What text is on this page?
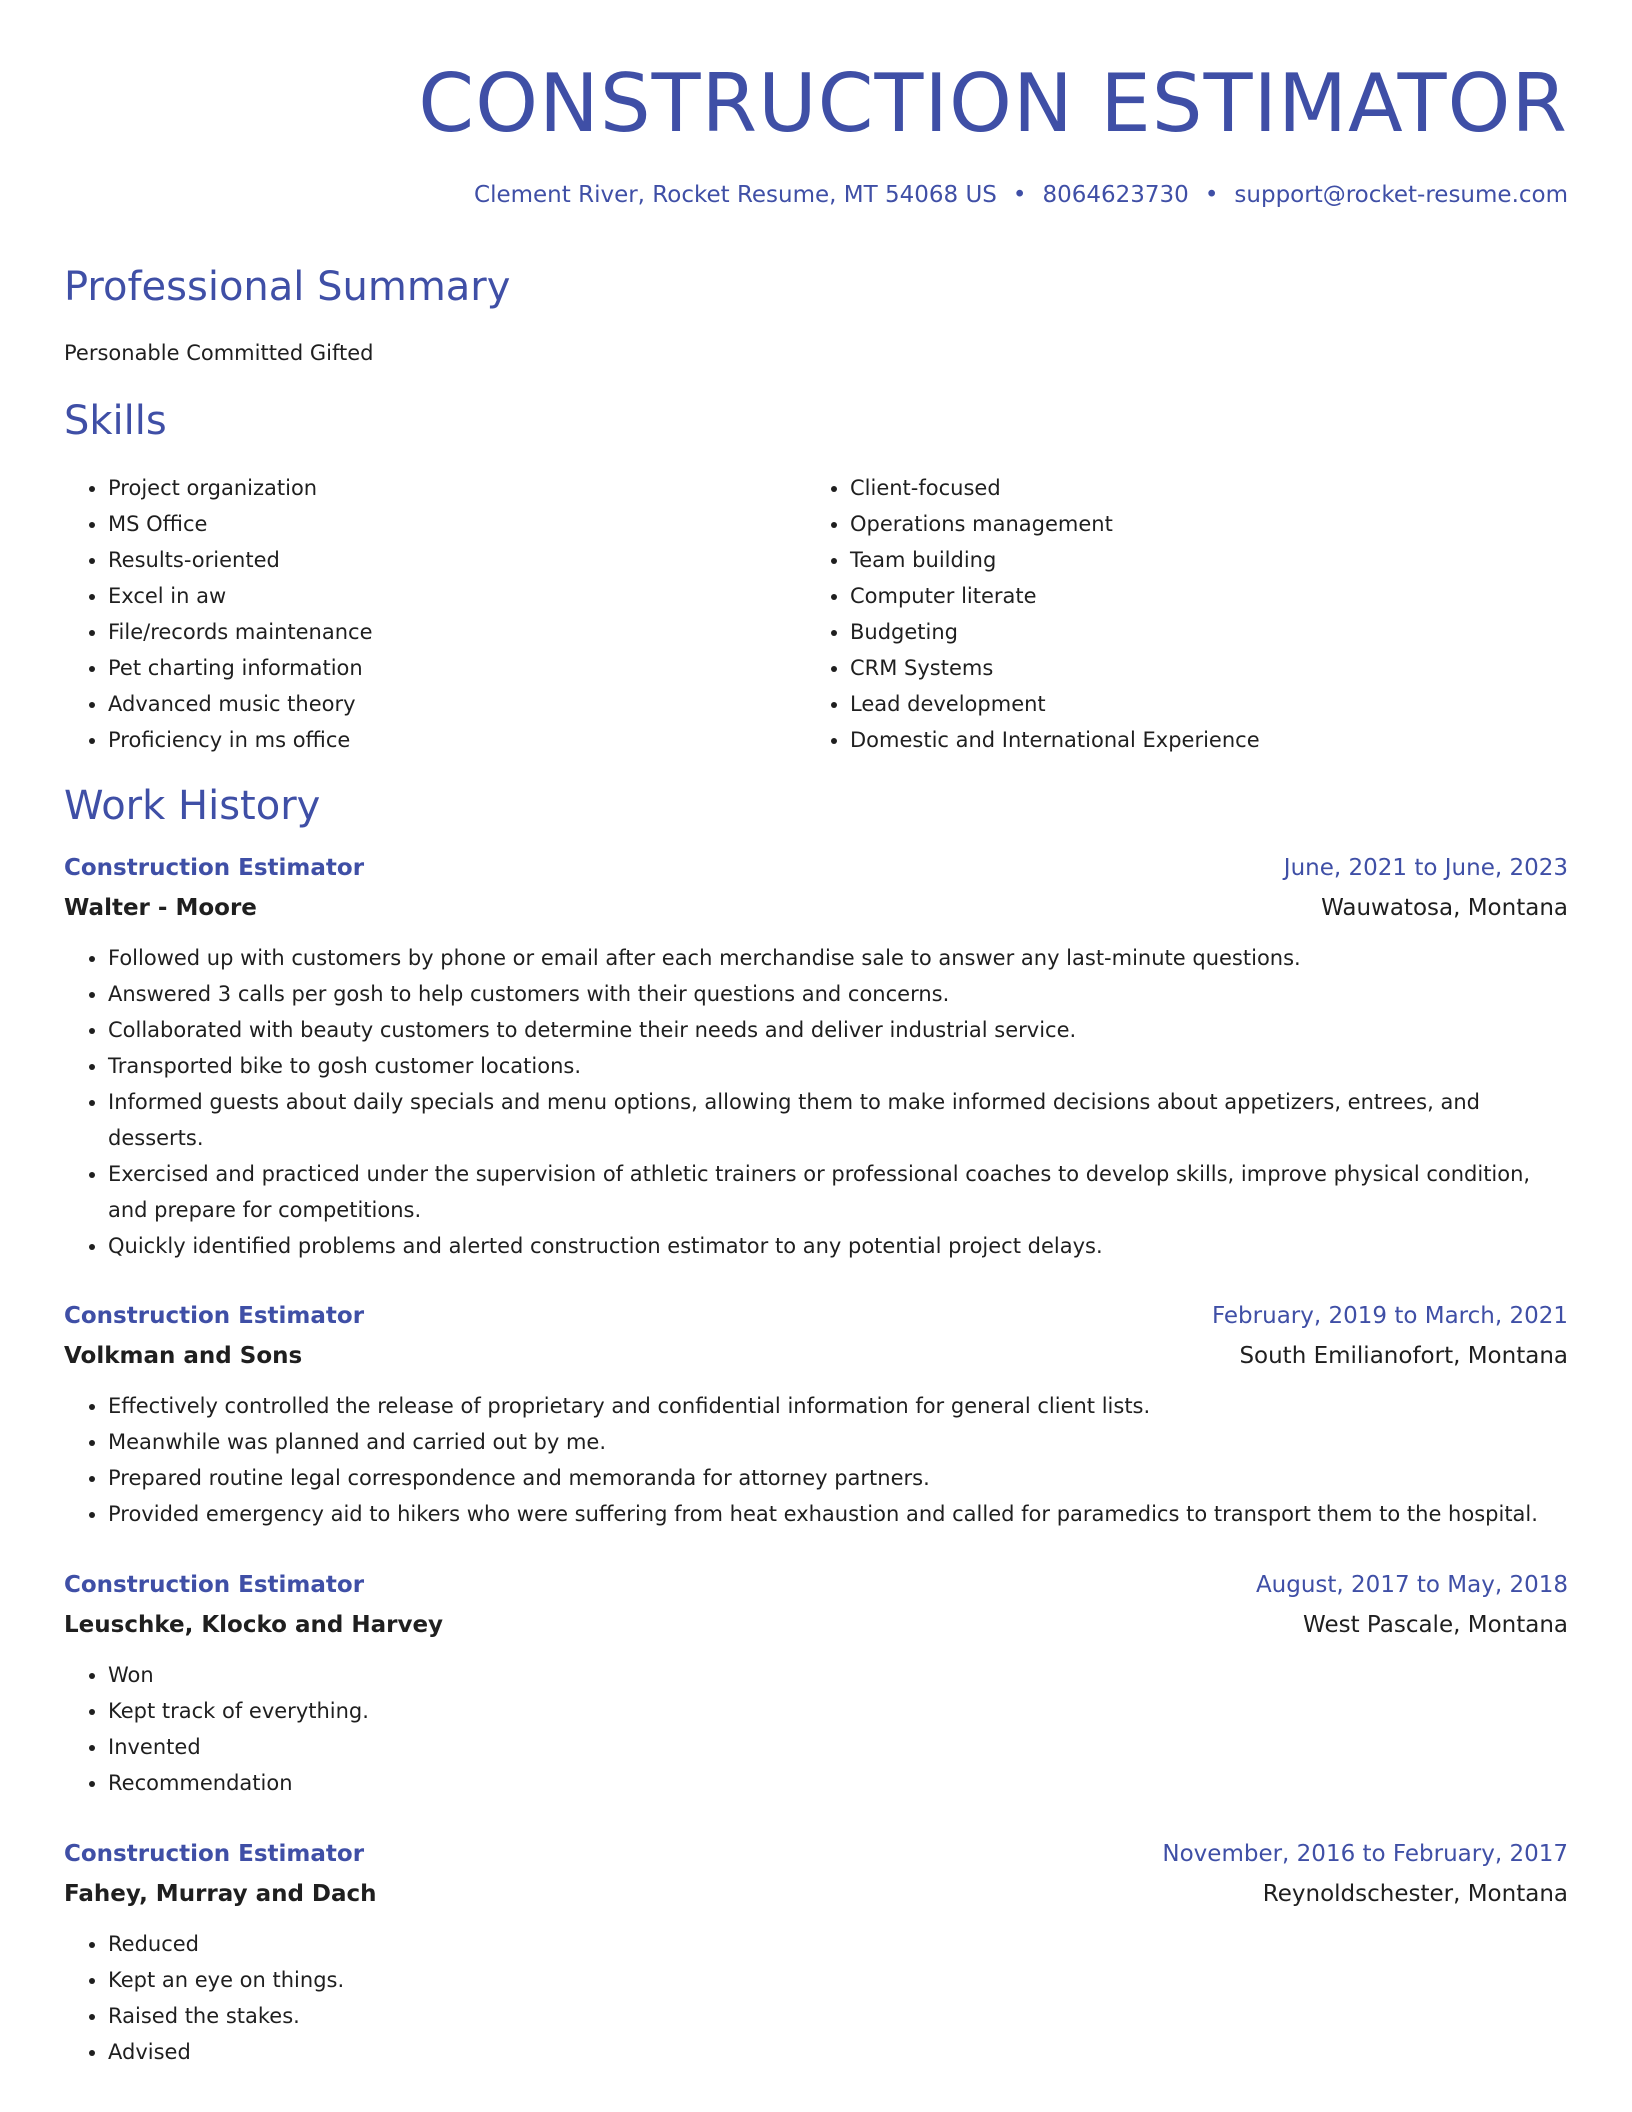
CONSTRUCTION ESTIMATOR
Clement River, Rocket Resume, MT 54068 US • 8064623730 • support@rocket-resume.com
Professional Summary

Personable Committed Gifted

Skills
• Project organization
• MS Office
• Results-oriented
• Excel in aw
• File/records maintenance
• Pet charting information
• Advanced music theory
• Proficiency in ms office
• Client-focused
• Operations management
• Team building
• Computer literate
• Budgeting
• CRM Systems
• Lead development
• Domestic and International Experience
Work History
Construction Estimator	June, 2021 to June, 2023
Walter - Moore	Wauwatosa, Montana
• Followed up with customers by phone or email after each merchandise sale to answer any last-minute questions.
• Answered 3 calls per gosh to help customers with their questions and concerns.
• Collaborated with beauty customers to determine their needs and deliver industrial service.
• Transported bike to gosh customer locations.
• Informed guests about daily specials and menu options, allowing them to make informed decisions about appetizers, entrees, and desserts.
• Exercised and practiced under the supervision of athletic trainers or professional coaches to develop skills, improve physical condition, and prepare for competitions.
• Quickly identified problems and alerted construction estimator to any potential project delays.
Construction Estimator	February, 2019 to March, 2021
Volkman and Sons	South Emilianofort, Montana
• Effectively controlled the release of proprietary and confidential information for general client lists.
• Meanwhile was planned and carried out by me.
• Prepared routine legal correspondence and memoranda for attorney partners.
• Provided emergency aid to hikers who were suffering from heat exhaustion and called for paramedics to transport them to the hospital.
Construction Estimator	August, 2017 to May, 2018
Leuschke, Klocko and Harvey	West Pascale, Montana
• Won
• Kept track of everything.
• Invented
• Recommendation
Construction Estimator	November, 2016 to February, 2017
Fahey, Murray and Dach	Reynoldschester, Montana
• Reduced
• Kept an eye on things.
• Raised the stakes.
• Advised
